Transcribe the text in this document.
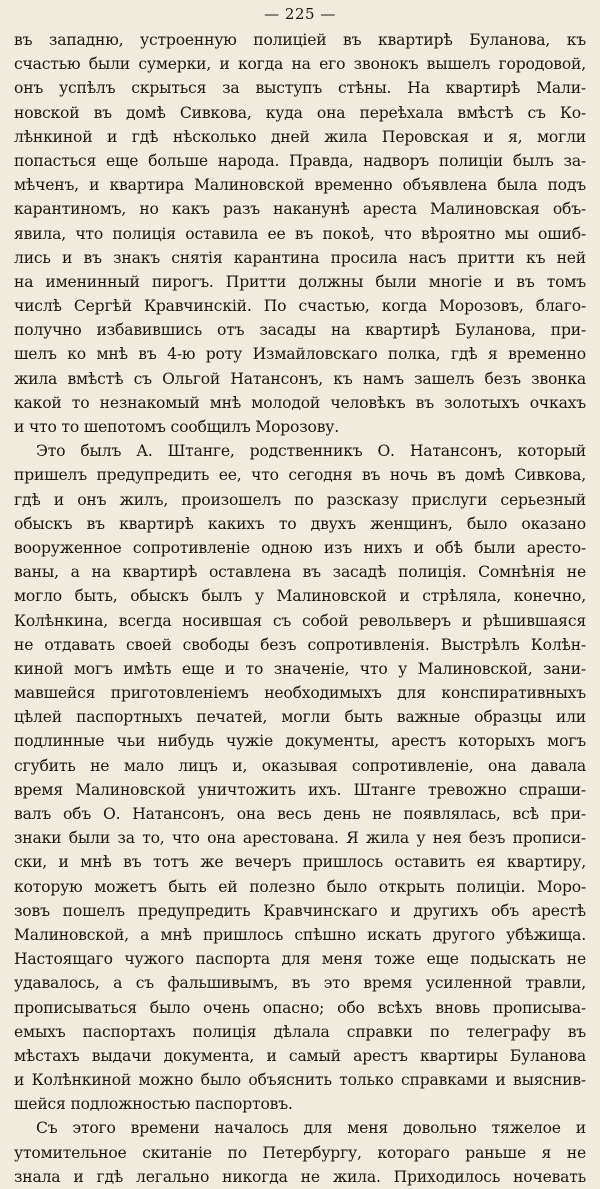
— 225 —
въ западню, устроенную полиціей въ квартирѣ Буланова, къ
счастью были сумерки, и когда на его звонокъ вышелъ городовой,
онъ успѣлъ скрыться за выступъ стѣны. На квартирѣ Мали-
новской въ домѣ Сивкова, куда она переѣхала вмѣстѣ съ Ко-
лѣнкиной и гдѣ нѣсколько дней жила Перовская и я, могли
попасться еще больше народа. Правда, надворъ полиціи былъ за-
мѣченъ, и квартира Малиновской временно объявлена была подъ
карантиномъ, но какъ разъ наканунѣ ареста Малиновская объ-
явила, что полиція оставила ее въ покоѣ, что вѣроятно мы ошиб-
лись и въ знакъ снятія карантина просила насъ притти къ ней
на именинный пирогъ. Притти должны были многіе и въ томъ
числѣ Сергѣй Кравчинскій. По счастью, когда Морозовъ, благо-
получно избавившись отъ засады на квартирѣ Буланова, при-
шелъ ко мнѣ въ 4-ю роту Измайловскаго полка, гдѣ я временно
жила вмѣстѣ съ Ольгой Натансонъ, къ намъ зашелъ безъ звонка
какой то незнакомый мнѣ молодой человѣкъ въ золотыхъ очкахъ
и что то шепотомъ сообщилъ Морозову.
Это былъ А. Штанге, родственникъ О. Натансонъ, который
пришелъ предупредить ее, что сегодня въ ночь въ домѣ Сивкова,
гдѣ и онъ жилъ, произошелъ по разсказу прислуги серьезный
обыскъ въ квартирѣ какихъ то двухъ женщинъ, было оказано
вооруженное сопротивленіе одною изъ нихъ и обѣ были аресто-
ваны, а на квартирѣ оставлена въ засадѣ полиція. Сомнѣнія не
могло быть, обыскъ былъ у Малиновской и стрѣляла, конечно,
Колѣнкина, всегда носившая съ собой револьверъ и рѣшившаяся
не отдавать своей свободы безъ сопротивленія. Выстрѣлъ Колѣн-
киной могъ имѣть еще и то значеніе, что у Малиновской, зани-
мавшейся приготовленіемъ необходимыхъ для конспиративныхъ
цѣлей паспортныхъ печатей, могли быть важные образцы или
подлинные чьи нибудь чужіе документы, арестъ которыхъ могъ
сгубить не мало лицъ и, оказывая сопротивленіе, она давала
время Малиновской уничтожить ихъ. Штанге тревожно спраши-
валъ объ О. Натансонъ, она весь день не появлялась, всѣ при-
знаки были за то, что она арестована. Я жила у нея безъ прописи-
ски, и мнѣ въ тотъ же вечеръ пришлось оставить ея квартиру,
которую можетъ быть ей полезно было открыть полиціи. Моро-
зовъ пошелъ предупредить Кравчинскаго и другихъ объ арестѣ
Малиновской, а мнѣ пришлось спѣшно искать другого убѣжища.
Настоящаго чужого паспорта для меня тоже еще подыскать не
удавалось, а съ фальшивымъ, въ это время усиленной травли,
прописываться было очень опасно; обо всѣхъ вновь прописыва-
емыхъ паспортахъ полиція дѣлала справки по телеграфу въ
мѣстахъ выдачи документа, и самый арестъ квартиры Буланова
и Колѣнкиной можно было объяснить только справками и выяснив-
шейся подложностью паспортовъ.
Съ этого времени началось для меня довольно тяжелое и
утомительное скитаніе по Петербургу, котораго раньше я не
знала и гдѣ легально никогда не жила. Приходилось ночевать
